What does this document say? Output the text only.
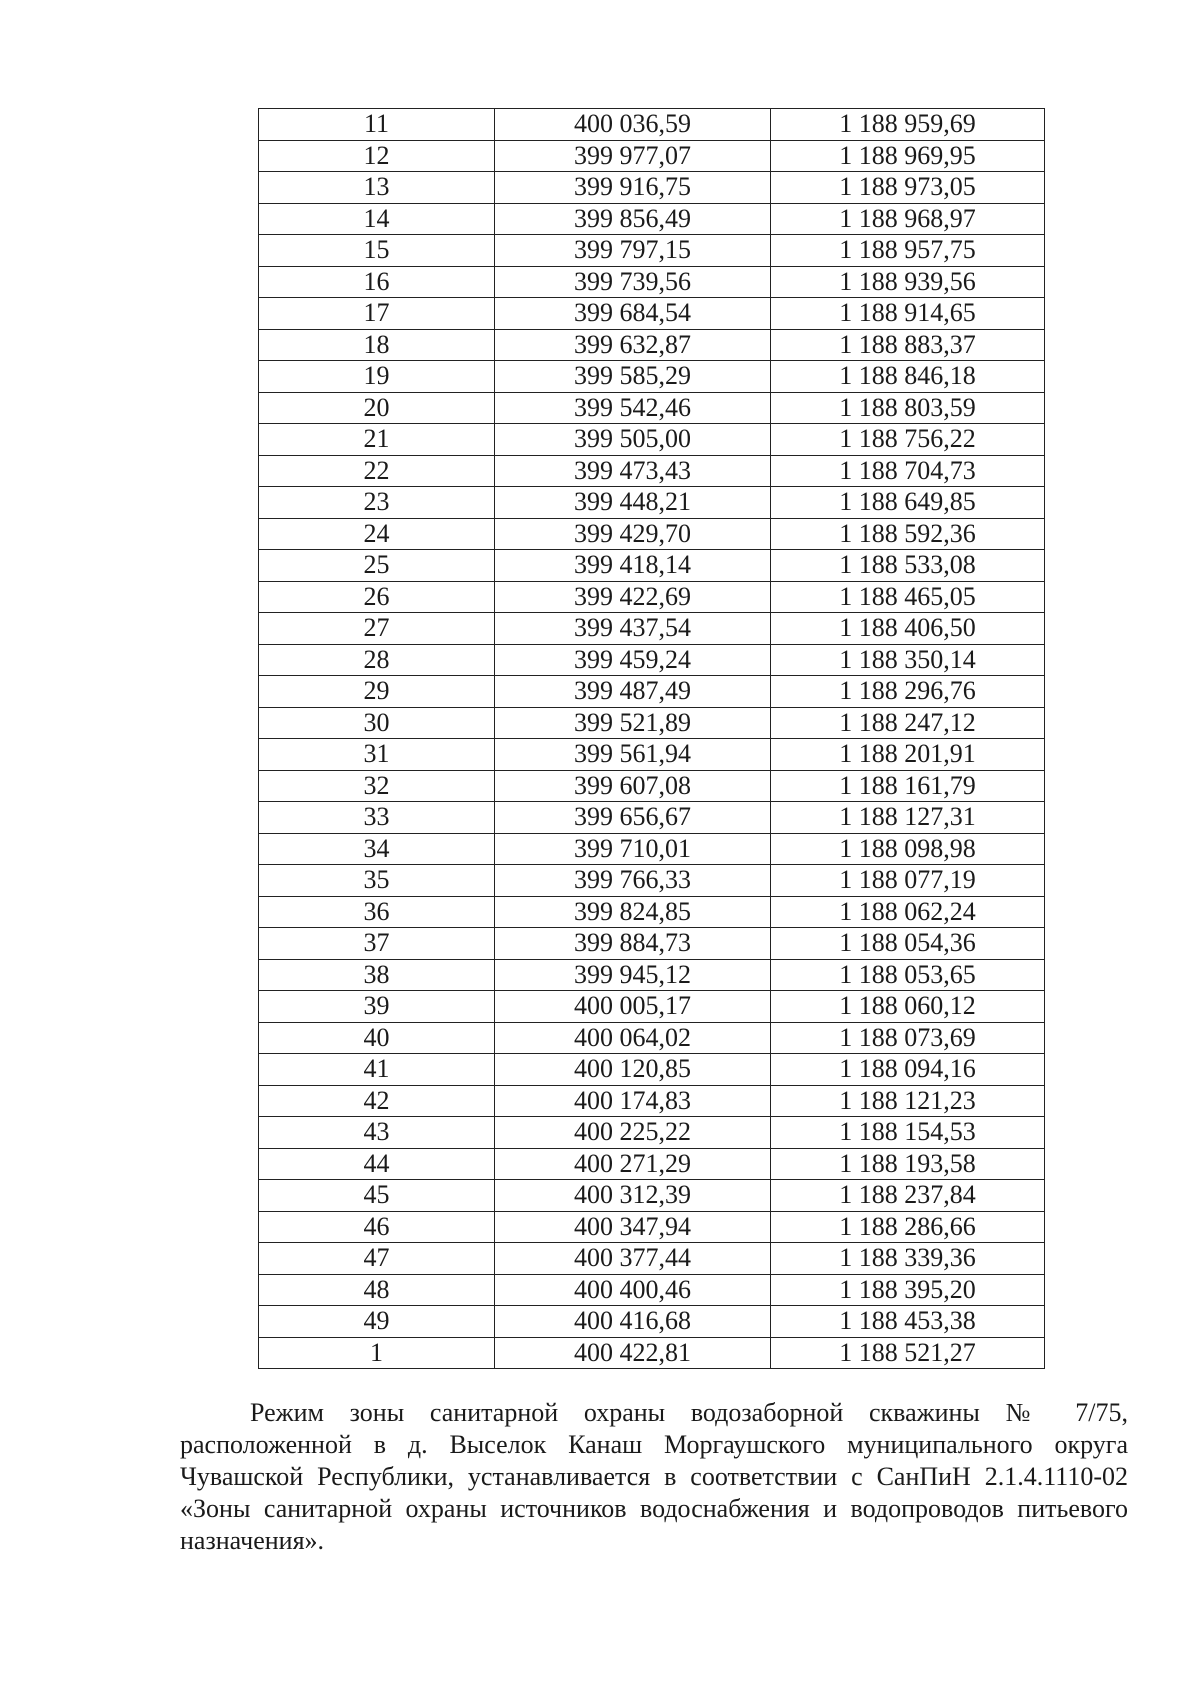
11	400 036,59	1 188 959,69
12	399 977,07	1 188 969,95
13	399 916,75	1 188 973,05
14	399 856,49	1 188 968,97
15	399 797,15	1 188 957,75
16	399 739,56	1 188 939,56
17	399 684,54	1 188 914,65
18	399 632,87	1 188 883,37
19	399 585,29	1 188 846,18
20	399 542,46	1 188 803,59
21	399 505,00	1 188 756,22
22	399 473,43	1 188 704,73
23	399 448,21	1 188 649,85
24	399 429,70	1 188 592,36
25	399 418,14	1 188 533,08
26	399 422,69	1 188 465,05
27	399 437,54	1 188 406,50
28	399 459,24	1 188 350,14
29	399 487,49	1 188 296,76
30	399 521,89	1 188 247,12
31	399 561,94	1 188 201,91
32	399 607,08	1 188 161,79
33	399 656,67	1 188 127,31
34	399 710,01	1 188 098,98
35	399 766,33	1 188 077,19
36	399 824,85	1 188 062,24
37	399 884,73	1 188 054,36
38	399 945,12	1 188 053,65
39	400 005,17	1 188 060,12
40	400 064,02	1 188 073,69
41	400 120,85	1 188 094,16
42	400 174,83	1 188 121,23
43	400 225,22	1 188 154,53
44	400 271,29	1 188 193,58
45	400 312,39	1 188 237,84
46	400 347,94	1 188 286,66
47	400 377,44	1 188 339,36
48	400 400,46	1 188 395,20
49	400 416,68	1 188 453,38
1	400 422,81	1 188 521,27

Режим зоны санитарной охраны водозаборной скважины № 7/75, расположенной в д. Выселок Канаш Моргаушского муниципального округа Чувашской Республики, устанавливается в соответствии с СанПиН 2.1.4.1110-02 «Зоны санитарной охраны источников водоснабжения и водопроводов питьевого назначения».
